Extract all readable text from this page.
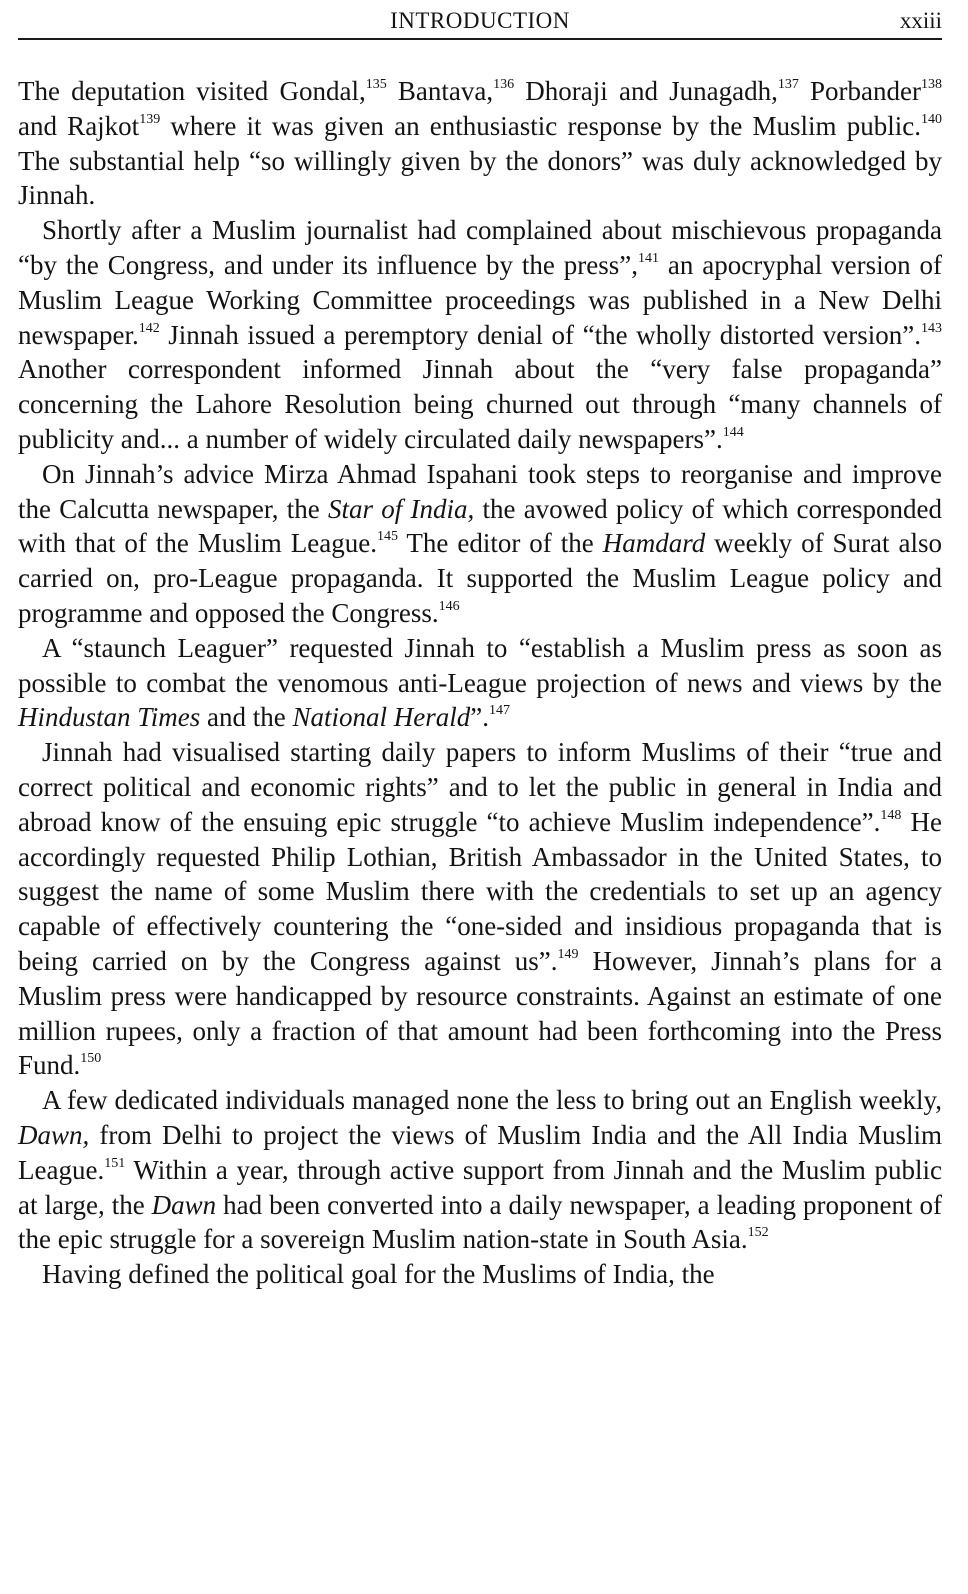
INTRODUCTION	xxiii

The deputation visited Gondal,$^{135}$ Bantava,$^{136}$ Dhoraji and Junagadh,$^{137}$ Porbander$^{138}$ and Rajkot$^{139}$ where it was given an enthusiastic response by the Muslim public.$^{140}$ The substantial help “so willingly given by the donors” was duly acknowledged by Jinnah.

Shortly after a Muslim journalist had complained about mischievous propaganda “by the Congress, and under its influence by the press”,$^{141}$ an apocryphal version of Muslim League Working Committee proceedings was published in a New Delhi newspaper.$^{142}$ Jinnah issued a peremptory denial of “the wholly distorted version”.$^{143}$ Another correspondent informed Jinnah about the “very false propaganda” concerning the Lahore Resolution being churned out through “many channels of publicity and... a number of widely circulated daily newspapers”.$^{144}$

On Jinnah’s advice Mirza Ahmad Ispahani took steps to reorganise and improve the Calcutta newspaper, the Star of India, the avowed policy of which corresponded with that of the Muslim League.$^{145}$ The editor of the Hamdard weekly of Surat also carried on, pro-League propaganda. It supported the Muslim League policy and programme and opposed the Congress.$^{146}$

A “staunch Leaguer” requested Jinnah to “establish a Muslim press as soon as possible to combat the venomous anti-League projection of news and views by the Hindustan Times and the National Herald”.$^{147}$

Jinnah had visualised starting daily papers to inform Muslims of their “true and correct political and economic rights” and to let the public in general in India and abroad know of the ensuing epic struggle “to achieve Muslim independence”.$^{148}$ He accordingly requested Philip Lothian, British Ambassador in the United States, to suggest the name of some Muslim there with the credentials to set up an agency capable of effectively countering the “one-sided and insidious propaganda that is being carried on by the Congress against us”.$^{149}$ However, Jinnah’s plans for a Muslim press were handicapped by resource constraints. Against an estimate of one million rupees, only a fraction of that amount had been forthcoming into the Press Fund.$^{150}$

A few dedicated individuals managed none the less to bring out an English weekly, Dawn, from Delhi to project the views of Muslim India and the All India Muslim League.$^{151}$ Within a year, through active support from Jinnah and the Muslim public at large, the Dawn had been converted into a daily newspaper, a leading proponent of the epic struggle for a sovereign Muslim nation-state in South Asia.$^{152}$

Having defined the political goal for the Muslims of India, the
